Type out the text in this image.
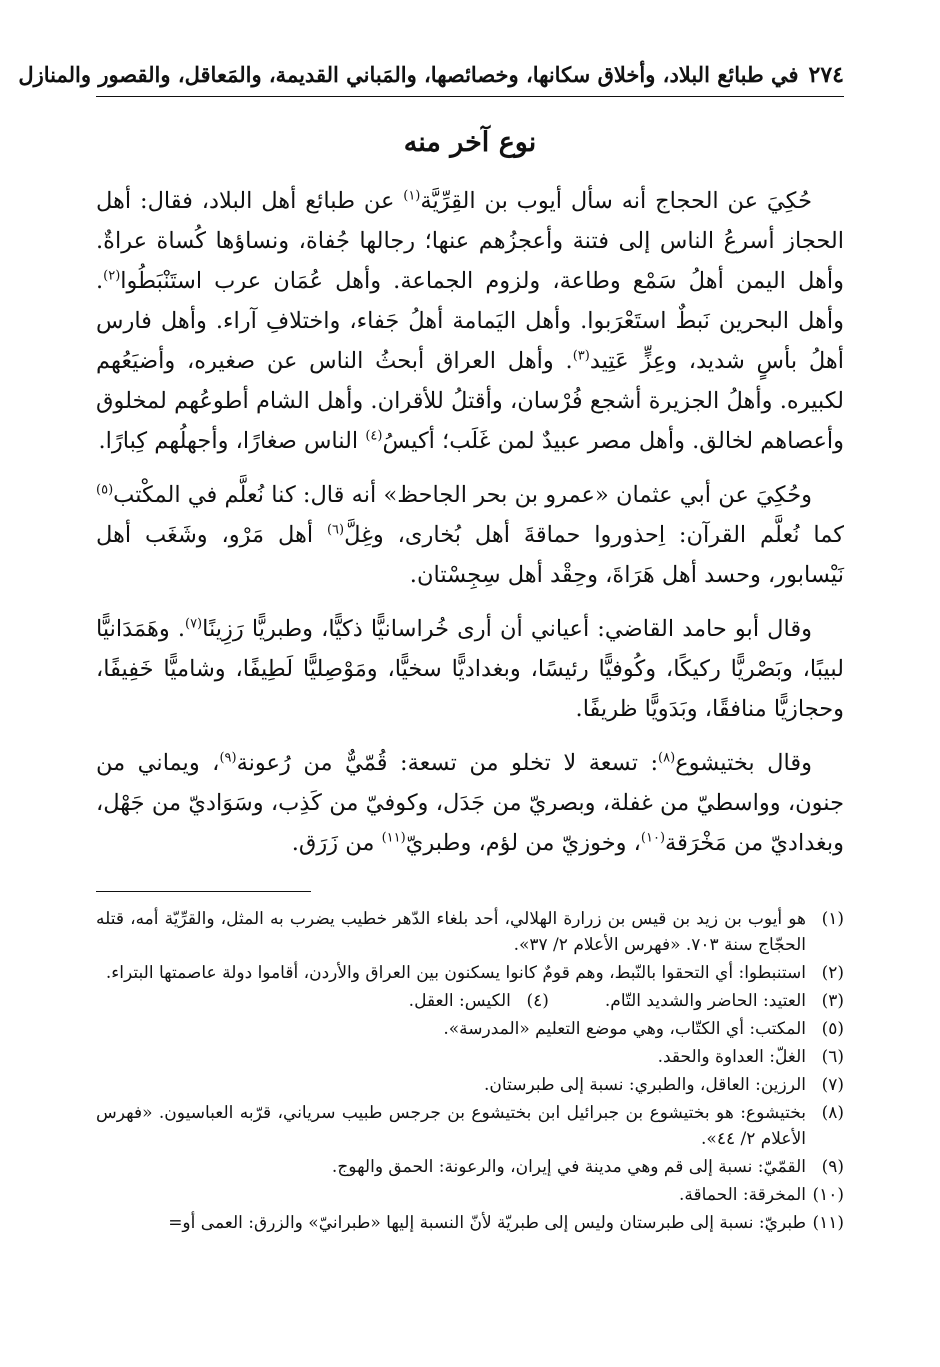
٢٧٤
في طبائع البلاد، وأخلاق سكانها، وخصائصها، والمَباني القديمة، والمَعاقل، والقصور والمنازل
نوع آخر منه

حُكِيَ عن الحجاج أنه سأل أيوب بن القِرِّيَّة$^{(١)}$ عن طبائع أهل البلاد، فقال: أهل الحجاز أسرعُ الناس إلى فتنة وأعجزُهم عنها؛ رجالها جُفاة، ونساؤها كُساة عراةٌ. وأهل اليمن أهلُ سَمْع وطاعة، ولزوم الجماعة. وأهل عُمَان عرب استَنْبَطُوا$^{(٢)}$. وأهل البحرين نَبطٌ استَعْرَبوا. وأهل اليَمامة أهلُ جَفاء، واختلافِ آراء. وأهل فارس أهلُ بأسٍ شديد، وعِزٍّ عَتِيد$^{(٣)}$. وأهل العراق أبحثُ الناس عن صغيره، وأضيَعُهم لكبيره. وأهلُ الجزيرة أشجع فُرْسان، وأقتلُ للأقران. وأهل الشام أطوعُهم لمخلوق وأعصاهم لخالق. وأهل مصر عبيدٌ لمن غَلَب؛ أكيسُ$^{(٤)}$ الناس صغارًا، وأجهلُهم كِبارًا.

وحُكِيَ عن أبي عثمان «عمرو بن بحر الجاحظ» أنه قال: كنا نُعلَّم في المكْتب$^{(٥)}$ كما نُعلَّم القرآن: اِحذوروا حماقةَ أهل بُخارى، وغِلَّ$^{(٦)}$ أهل مَرْو، وشَغَب أهل نَيْسابور، وحسد أهل هَرَاةَ، وحِقْد أهل سِجِسْتان.

وقال أبو حامد القاضي: أعياني أن أرى خُراسانيًّا ذكيًّا، وطبريًّا رَزِينًا$^{(٧)}$. وهَمَدَانيًّا لبيبًا، وبَصْريًّا ركيكًا، وكُوفيًّا رئيسًا، وبغداديًّا سخيًّا، ومَوْصِليًّا لَطِيفًا، وشاميًّا خَفِيفًا، وحجازيًّا منافقًا، وبَدَويًّا ظريفًا.

وقال بختيشوع$^{(٨)}$: تسعة لا تخلو من تسعة: قُمّيٌّ من رُعونة$^{(٩)}$، ويماني من جنون، وواسطيّ من غفلة، وبصريّ من جَدَل، وكوفيّ من كَذِب، وسَوَاديّ من جَهْل، وبغداديّ من مَخْرَقة$^{(١٠)}$، وخوزيّ من لؤم، وطبريّ$^{(١١)}$ من زَرَق.

(١)
هو أيوب بن زيد بن قيس بن زرارة الهلالي، أحد بلغاء الدّهر خطيب يضرب به المثل، والقرِّيّة أمه، قتله الحجّاج سنة ٧٠٣. «فهرس الأعلام ٢/ ٣٧».
(٢)
استنبطوا: أي التحقوا بالنّبط، وهم قومٌ كانوا يسكنون بين العراق والأردن، أقاموا دولة عاصمتها البتراء.
(٣)
العتيد: الحاضر والشديد التّام.
(٤)
الكيس: العقل.
(٥)
المكتب: أي الكتّاب، وهي موضع التعليم «المدرسة».
(٦)
الغلّ: العداوة والحقد.
(٧)
الرزين: العاقل، والطبري: نسبة إلى طبرستان.
(٨)
بختيشوع: هو بختيشوع بن جبرائيل ابن بختيشوع بن جرجس طبيب سرياني، قرّبه العباسيون. «فهرس الأعلام ٢/ ٤٤».
(٩)
القمّيّ: نسبة إلى قم وهي مدينة في إيران، والرعونة: الحمق والهوج.
(١٠)
المخرقة: الحماقة.
(١١)
طبريّ: نسبة إلى طبرستان وليس إلى طبريّة لأنّ النسبة إليها «طبرانيّ» والزرق: العمى أو=
